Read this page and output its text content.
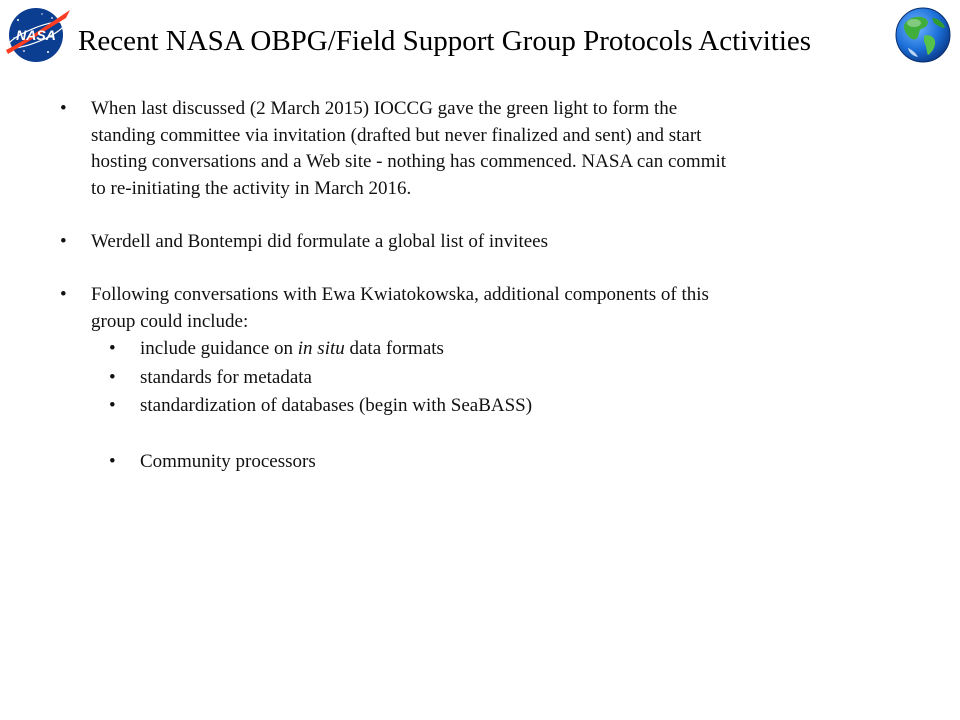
NASA Recent NASA OBPG/Field Support Group Protocols Activities
•	When last discussed (2 March 2015) IOCCG gave the green light to form the
standing committee via invitation (drafted but never finalized and sent) and start
hosting conversations and a Web site - nothing has commenced. NASA can commit
to re-initiating the activity in March 2016.
•	Werdell and Bontempi did formulate a global list of invitees
•	Following conversations with Ewa Kwiatokowska, additional components of this
group could include:
• include guidance on in situ data formats
• standards for metadata
• standardization of databases (begin with SeaBASS)
• Community processors
